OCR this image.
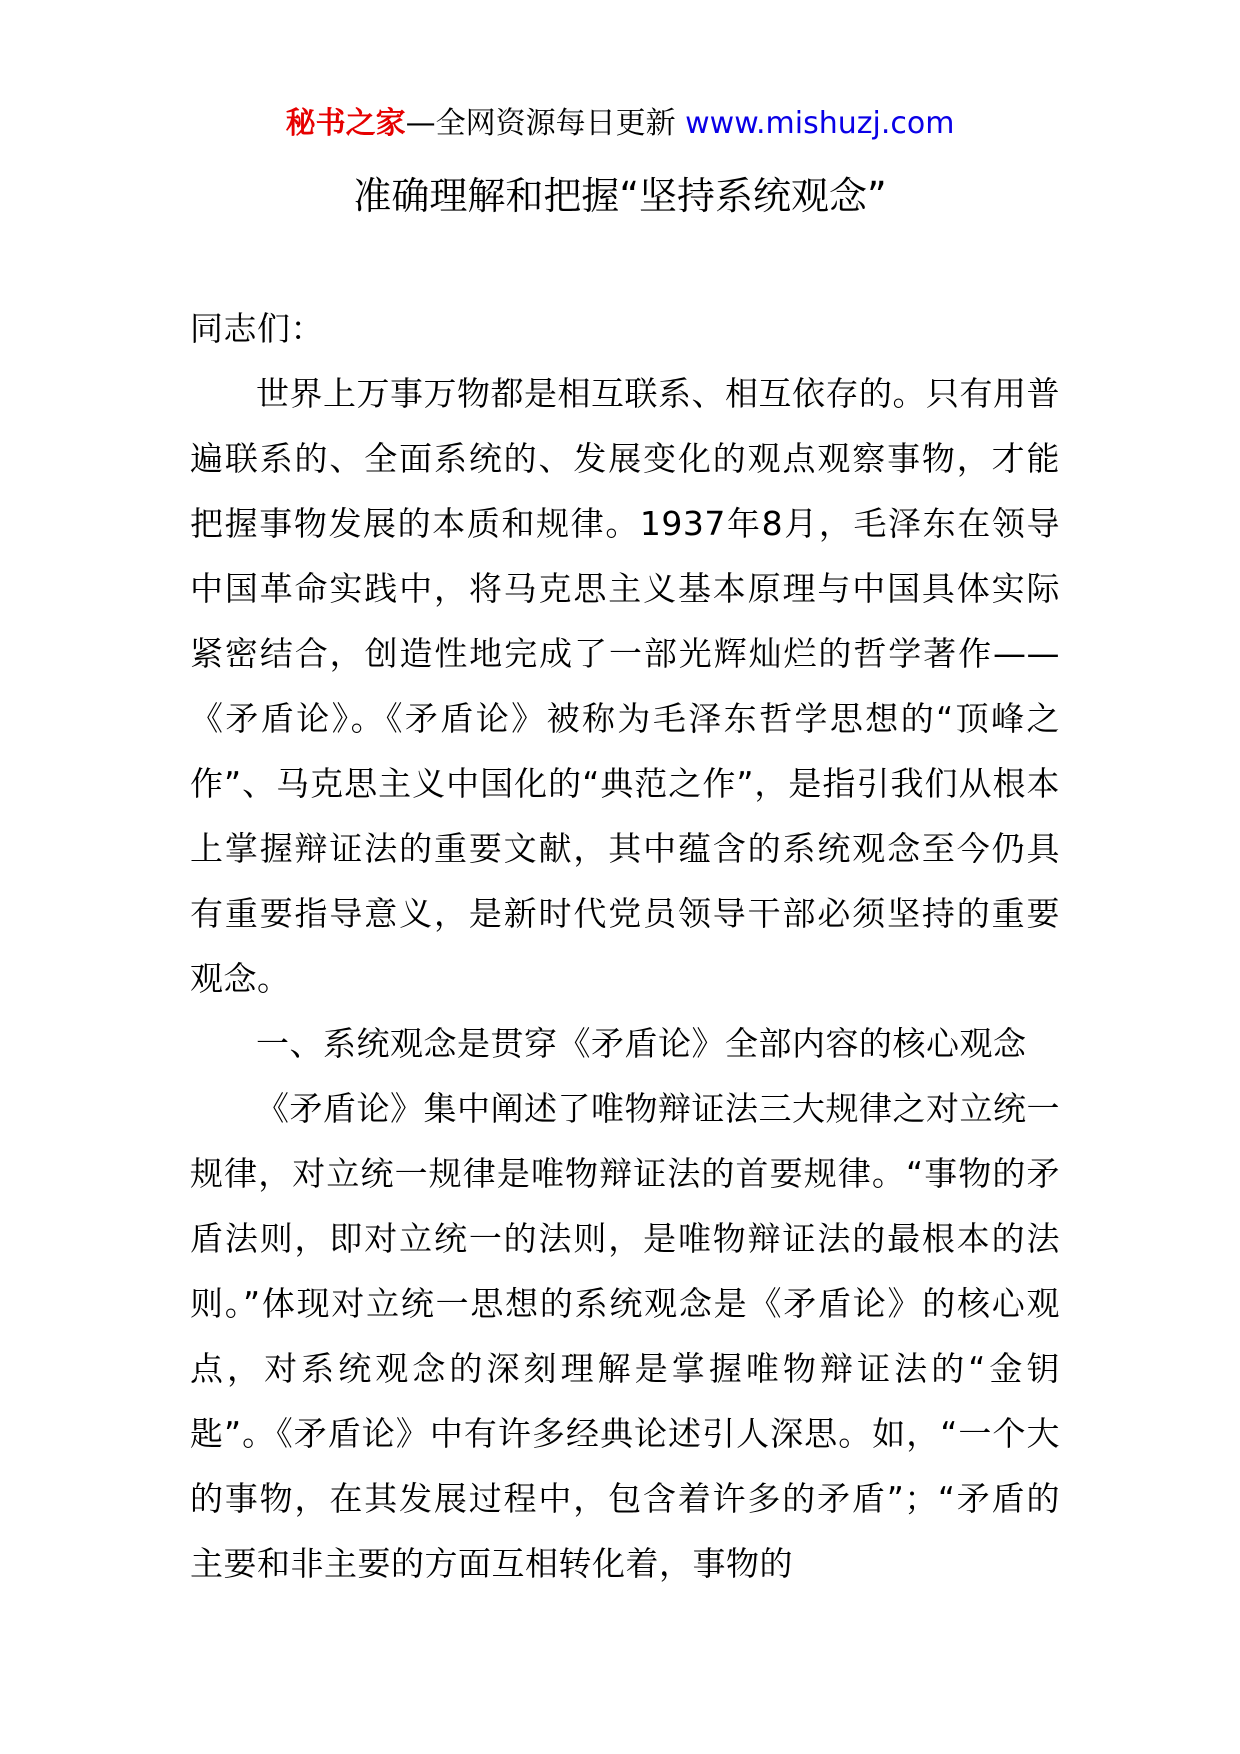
秘书之家—全网资源每日更新 www.mishuzj.com
准确理解和把握“坚持系统观念”

同志们：

世界上万事万物都是相互联系、相互依存的。只有用普遍联系的、全面系统的、发展变化的观点观察事物，才能把握事物发展的本质和规律。1937年8月，毛泽东在领导中国革命实践中，将马克思主义基本原理与中国具体实际紧密结合，创造性地完成了一部光辉灿烂的哲学著作——《矛盾论》。《矛盾论》被称为毛泽东哲学思想的“顶峰之作”、马克思主义中国化的“典范之作”，是指引我们从根本上掌握辩证法的重要文献，其中蕴含的系统观念至今仍具有重要指导意义，是新时代党员领导干部必须坚持的重要观念。

一、系统观念是贯穿《矛盾论》全部内容的核心观念

《矛盾论》集中阐述了唯物辩证法三大规律之对立统一规律，对立统一规律是唯物辩证法的首要规律。“事物的矛盾法则，即对立统一的法则，是唯物辩证法的最根本的法则。”体现对立统一思想的系统观念是《矛盾论》的核心观点，对系统观念的深刻理解是掌握唯物辩证法的“金钥匙”。《矛盾论》中有许多经典论述引人深思。如，“一个大的事物，在其发展过程中，包含着许多的矛盾”；“矛盾的主要和非主要的方面互相转化着，事物的
